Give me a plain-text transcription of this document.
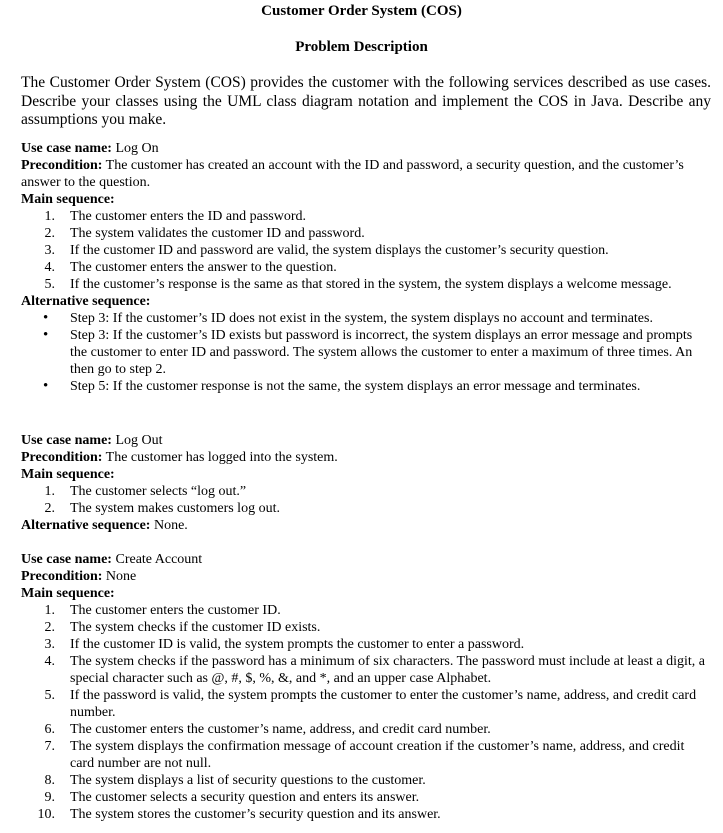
Customer Order System (COS)
Problem Description

The Customer Order System (COS) provides the customer with the following services described as use cases. Describe your classes using the UML class diagram notation and implement the COS in Java. Describe any assumptions you make.

Use case name: Log On

Precondition: The customer has created an account with the ID and password, a security question, and the customer’s answer to the question.

Main sequence:

1. The customer enters the ID and password.
2. The system validates the customer ID and password.
3. If the customer ID and password are valid, the system displays the customer’s security question.
4. The customer enters the answer to the question.
5. If the customer’s response is the same as that stored in the system, the system displays a welcome message.

Alternative sequence:

•	Step 3: If the customer’s ID does not exist in the system, the system displays no account and terminates.
•	Step 3: If the customer’s ID exists but password is incorrect, the system displays an error message and prompts the customer to enter ID and password. The system allows the customer to enter a maximum of three times. An then go to step 2.
•	Step 5: If the customer response is not the same, the system displays an error message and terminates.

Use case name: Log Out

Precondition: The customer has logged into the system.

Main sequence:

1. The customer selects “log out.”
2. The system makes customers log out.

Alternative sequence: None.

Use case name: Create Account

Precondition: None

Main sequence:

1. The customer enters the customer ID.
2. The system checks if the customer ID exists.
3. If the customer ID is valid, the system prompts the customer to enter a password.
4. The system checks if the password has a minimum of six characters. The password must include at least a digit, a special character such as @, #, $, %, &, and *, and an upper case Alphabet.
5. If the password is valid, the system prompts the customer to enter the customer’s name, address, and credit card number.
6. The customer enters the customer’s name, address, and credit card number.
7. The system displays the confirmation message of account creation if the customer’s name, address, and credit card number are not null.
8. The system displays a list of security questions to the customer.
9. The customer selects a security question and enters its answer.
10. The system stores the customer’s security question and its answer.
